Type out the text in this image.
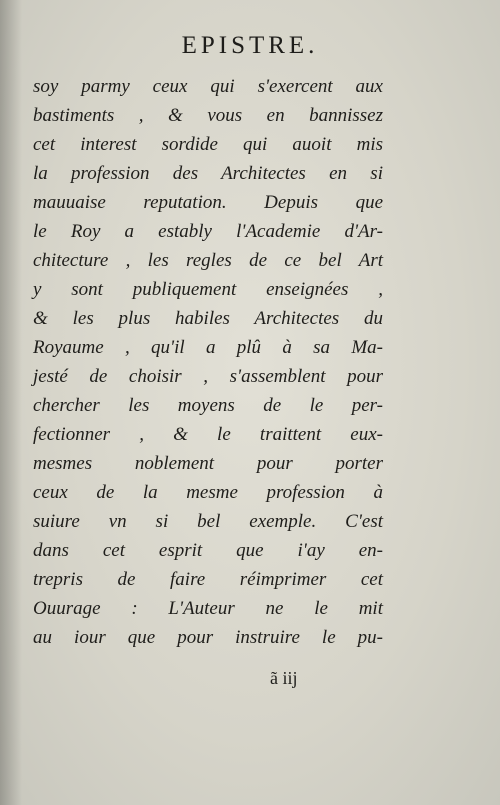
EPISTRE.
soy parmy ceux qui s'exercent aux
bastiments , & vous en bannissez
cet interest sordide qui auoit mis
la profession des Architectes en si
mauuaise reputation. Depuis que
le Roy a estably l'Academie d'Ar-
chitecture , les regles de ce bel Art
y sont publiquement enseignées ,
& les plus habiles Architectes du
Royaume , qu'il a plû à sa Ma-
jesté de choisir , s'assemblent pour
chercher les moyens de le per-
fectionner , & le traittent eux-
mesmes noblement pour porter
ceux de la mesme profession à
suiure vn si bel exemple. C'est
dans cet esprit que i'ay en-
trepris de faire réimprimer cet
Ouurage : L'Auteur ne le mit
au iour que pour instruire le pu-
ã iij
